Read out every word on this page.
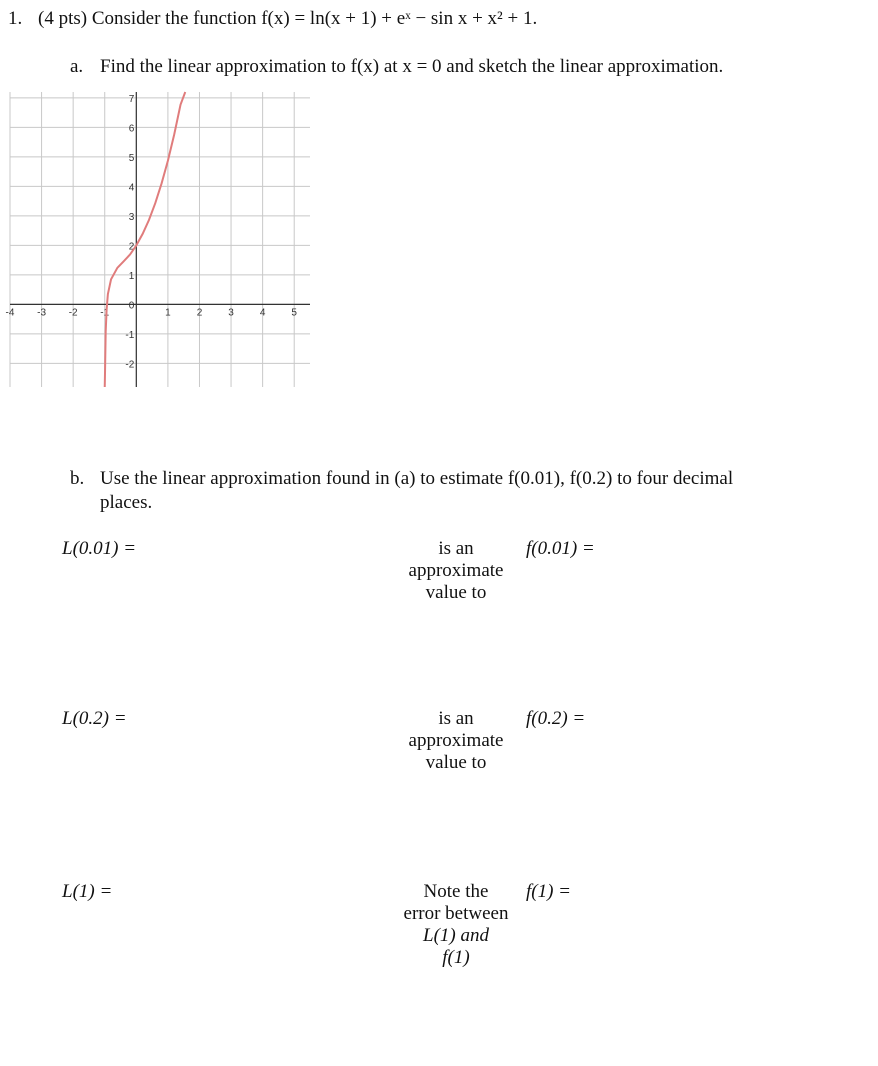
1. (4 pts) Consider the function f(x) = ln(x + 1) + eˣ − sin x + x² + 1.
a. Find the linear approximation to f(x) at x = 0 and sketch the linear approximation.
-4 -3 -2 -1	1	2	3	4	5
-2
-1
0
1
2
3
4
5
6
7
b. Use the linear approximation found in (a) to estimate f(0.01), f(0.2) to four decimal
places.
L(0.01) =	is an
approximate
value to
f(0.01) =
L(0.2) =	is an
approximate
value to
f(0.2) =
L(1) =	Note the
error between
L(1) and
f(1)
f(1) =
